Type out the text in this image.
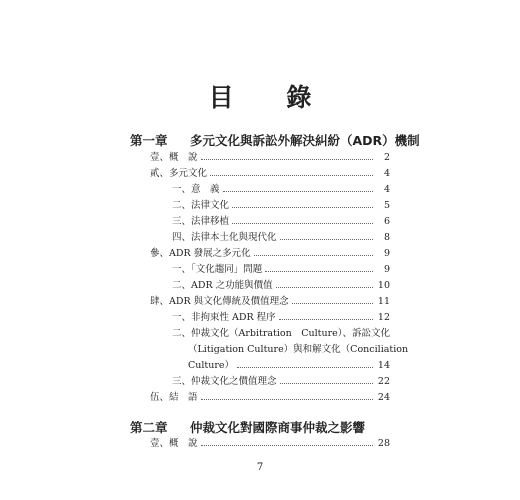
目 錄
第一章 多元文化與訴訟外解決糾紛（ADR）機制
壹、概　說	2
貳、多元文化	4
一、意　義	4
二、法律文化	5
三、法律移植	6
四、法律本土化與現代化	8
參、ADR 發展之多元化	9
一、「文化趨同」問題	9
二、ADR 之功能與價值	10
肆、ADR 與文化傳統及價值理念	11
一、非拘束性 ADR 程序	12
二、仲裁文化（Arbitration　Culture）、訴訟文化
（Litigation Culture）與和解文化（Conciliation
Culture）	14
三、仲裁文化之價值理念	22
伍、結　語	24
第二章 仲裁文化對國際商事仲裁之影響
壹、概　說	28
7
